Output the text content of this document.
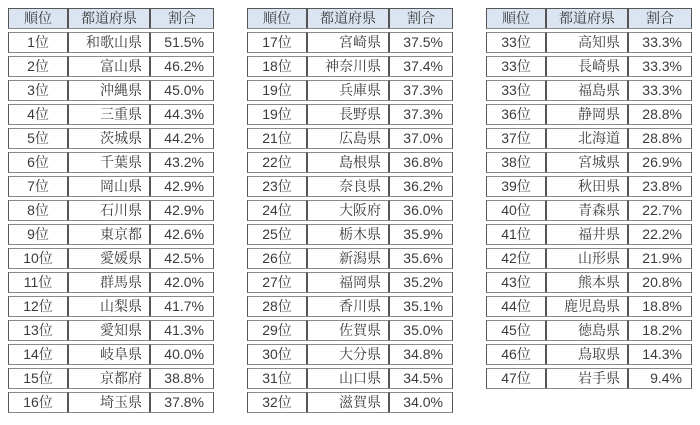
順位	都道府県	割合
1位	和歌山県	51.5%
2位	富山県	46.2%
3位	沖縄県	45.0%
4位	三重県	44.3%
5位	茨城県	44.2%
6位	千葉県	43.2%
7位	岡山県	42.9%
8位	石川県	42.9%
9位	東京都	42.6%
10位	愛媛県	42.5%
11位	群馬県	42.0%
12位	山梨県	41.7%
13位	愛知県	41.3%
14位	岐阜県	40.0%
15位	京都府	38.8%
16位	埼玉県	37.8%
順位	都道府県	割合
17位	宮崎県	37.5%
18位	神奈川県	37.4%
19位	兵庫県	37.3%
19位	長野県	37.3%
21位	広島県	37.0%
22位	島根県	36.8%
23位	奈良県	36.2%
24位	大阪府	36.0%
25位	栃木県	35.9%
26位	新潟県	35.6%
27位	福岡県	35.2%
28位	香川県	35.1%
29位	佐賀県	35.0%
30位	大分県	34.8%
31位	山口県	34.5%
32位	滋賀県	34.0%
順位	都道府県	割合
33位	高知県	33.3%
33位	長崎県	33.3%
33位	福島県	33.3%
36位	静岡県	28.8%
37位	北海道	28.8%
38位	宮城県	26.9%
39位	秋田県	23.8%
40位	青森県	22.7%
41位	福井県	22.2%
42位	山形県	21.9%
43位	熊本県	20.8%
44位	鹿児島県	18.8%
45位	徳島県	18.2%
46位	鳥取県	14.3%
47位	岩手県	9.4%
